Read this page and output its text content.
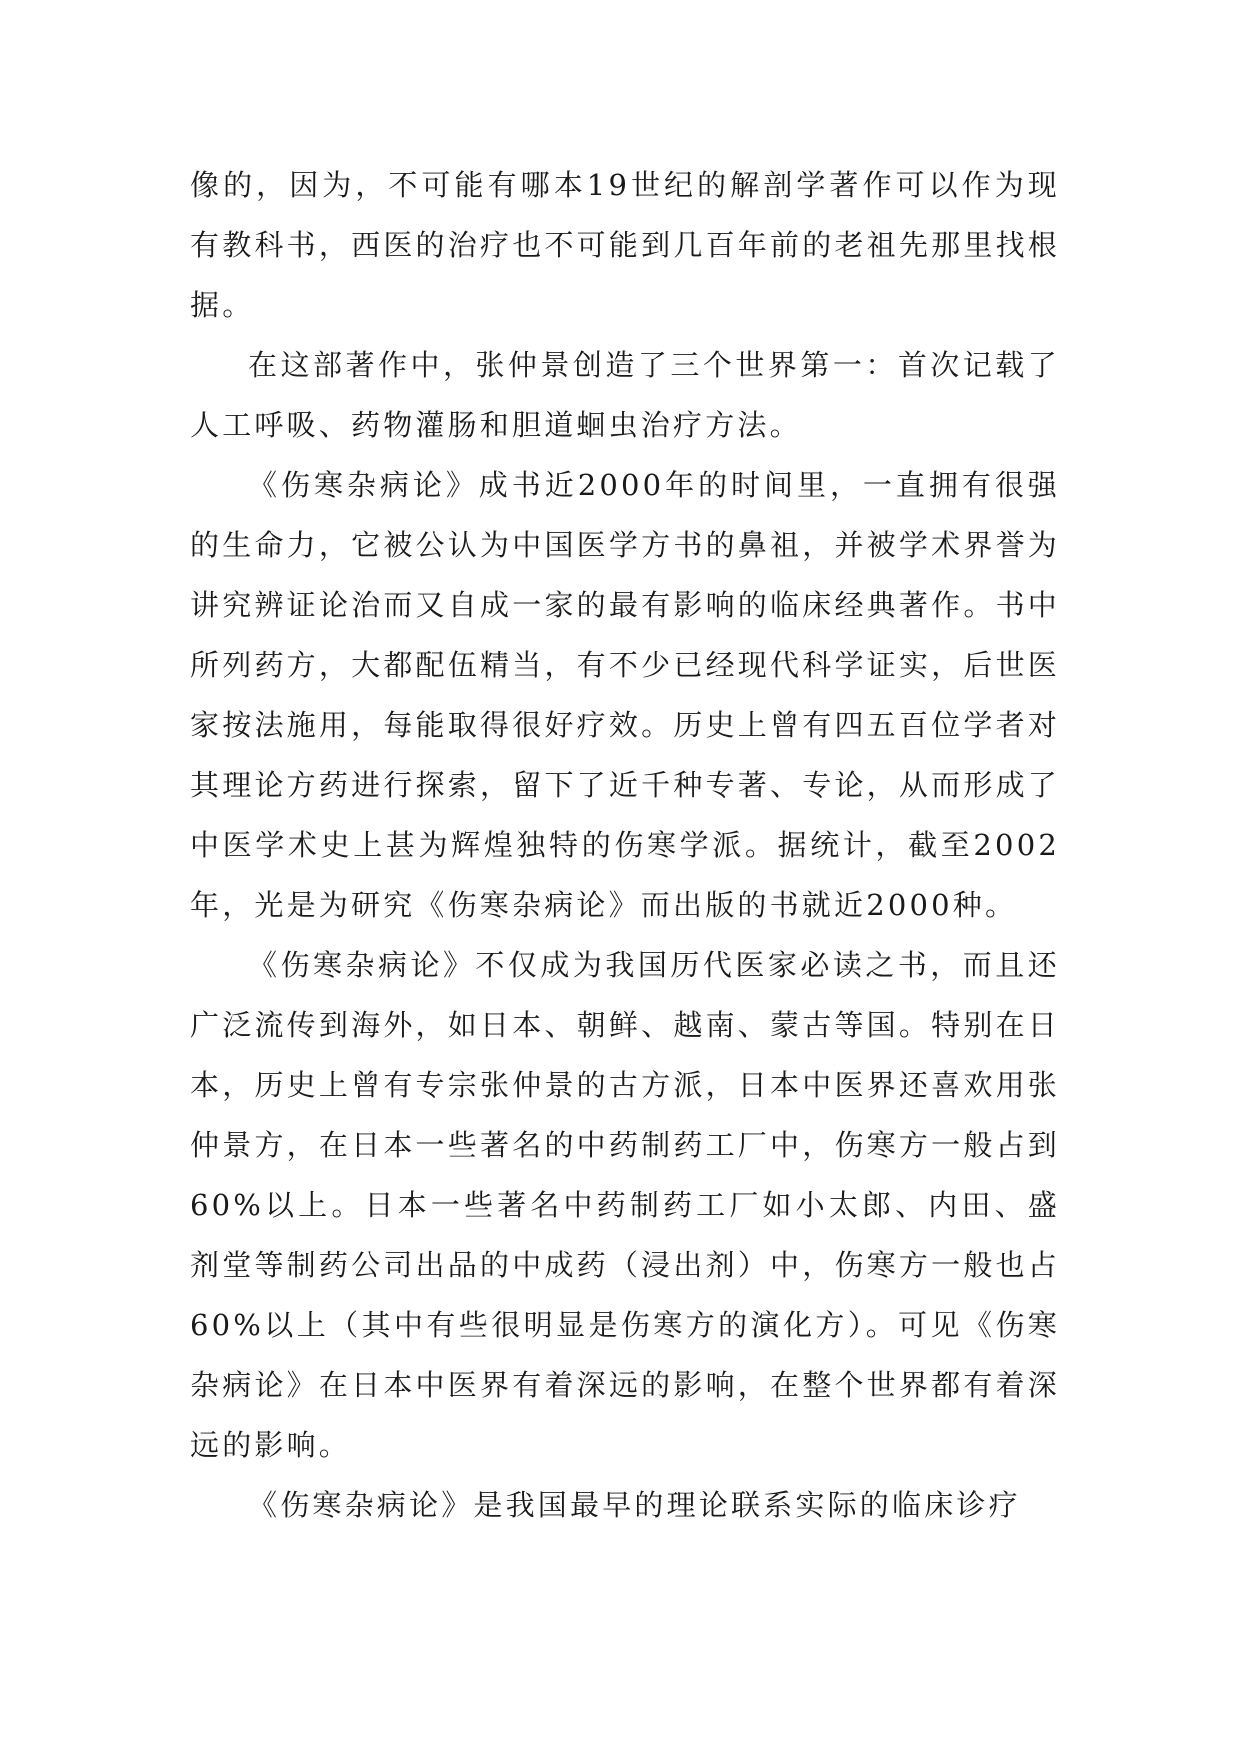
像的，因为，不可能有哪本19世纪的解剖学著作可以作为现有教科书，西医的治疗也不可能到几百年前的老祖先那里找根据。

在这部著作中，张仲景创造了三个世界第一：首次记载了人工呼吸、药物灌肠和胆道蛔虫治疗方法。

《伤寒杂病论》成书近2000年的时间里，一直拥有很强的生命力，它被公认为中国医学方书的鼻祖，并被学术界誉为讲究辨证论治而又自成一家的最有影响的临床经典著作。书中所列药方，大都配伍精当，有不少已经现代科学证实，后世医家按法施用，每能取得很好疗效。历史上曾有四五百位学者对其理论方药进行探索，留下了近千种专著、专论，从而形成了中医学术史上甚为辉煌独特的伤寒学派。据统计，截至2002年，光是为研究《伤寒杂病论》而出版的书就近2000种。

《伤寒杂病论》不仅成为我国历代医家必读之书，而且还广泛流传到海外，如日本、朝鲜、越南、蒙古等国。特别在日本，历史上曾有专宗张仲景的古方派，日本中医界还喜欢用张仲景方，在日本一些著名的中药制药工厂中，伤寒方一般占到60%以上。日本一些著名中药制药工厂如小太郎、内田、盛剂堂等制药公司出品的中成药（浸出剂）中，伤寒方一般也占60%以上（其中有些很明显是伤寒方的演化方）。可见《伤寒杂病论》在日本中医界有着深远的影响，在整个世界都有着深远的影响。

《伤寒杂病论》是我国最早的理论联系实际的临床诊疗
